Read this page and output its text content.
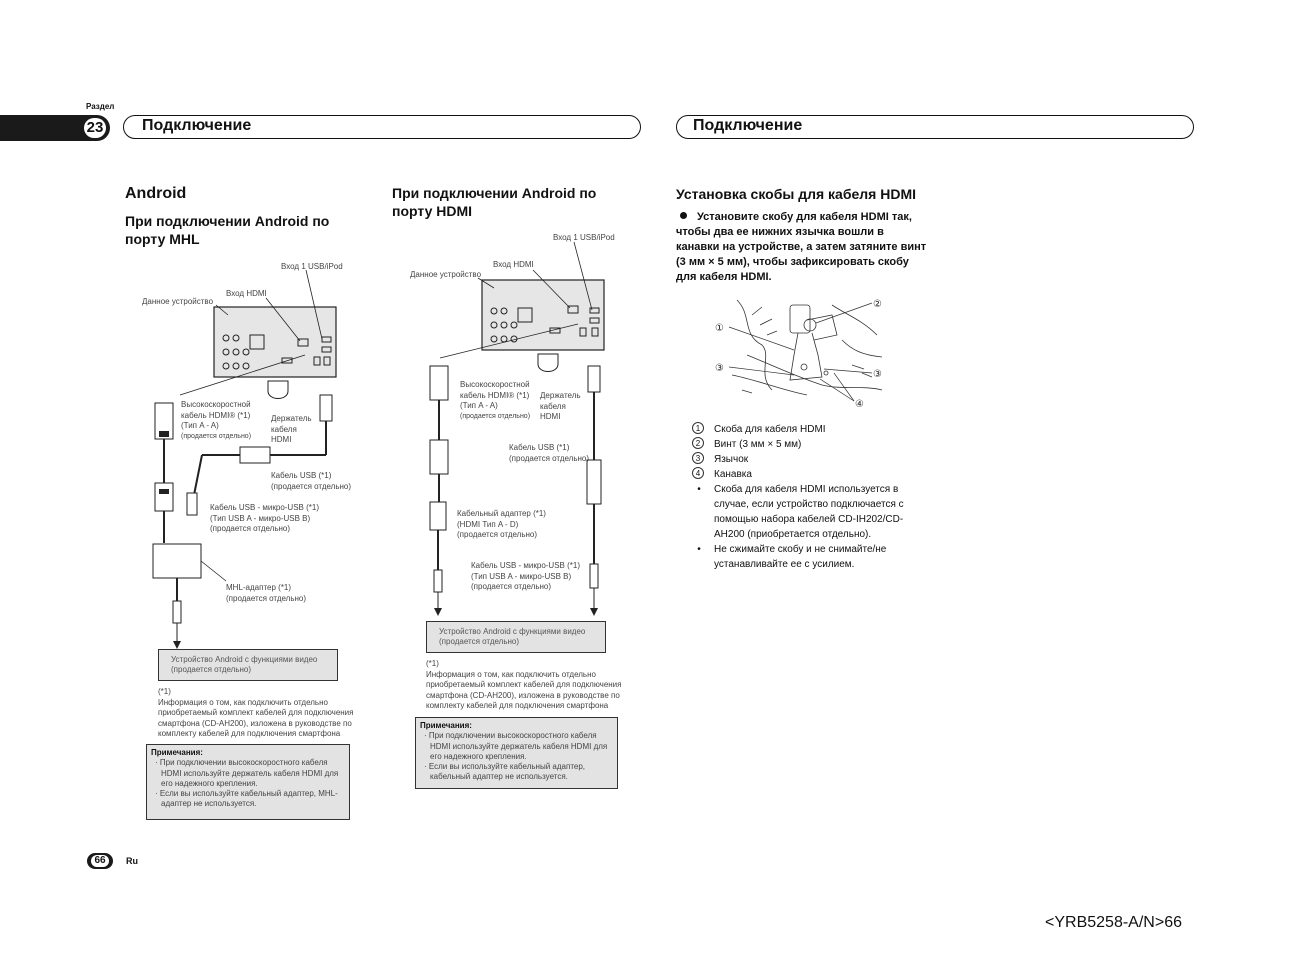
Раздел
23 Подключение	Подключение
Android
При подключении Android по порту MHL
Вход 1 USB/iPod
Вход HDMI
Данное устройство
Высокоскоростной
кабель HDMI® (*1)
(Тип A - A)
(продается отдельно)
Держатель
кабеля
HDMI
Кабель USB (*1)
(продается отдельно)
Кабель USB - микро-USB (*1)
(Тип USB A - микро-USB B)
(продается отдельно)
MHL-адаптер (*1)
(продается отдельно)
Устройство Android с функциями видео
(продается отдельно)
(*1)
Информация о том, как подключить отдельно
приобретаемый комплект кабелей для подключения
смартфона (CD-AH200), изложена в руководстве по
комплекту кабелей для подключения смартфона
Примечания:
· При подключении высокоскоростного кабеля HDMI используйте держатель кабеля HDMI для его надежного крепления.
· Если вы используйте кабельный адаптер, MHL-адаптер не используется.
При подключении Android по порту HDMI
Вход 1 USB/iPod
Вход HDMI
Данное устройство
Высокоскоростной
кабель HDMI® (*1)
(Тип A - A)
(продается отдельно)
Держатель
кабеля
HDMI
Кабель USB (*1)
(продается отдельно)
Кабельный адаптер (*1)
(HDMI Тип A - D)
(продается отдельно)
Кабель USB - микро-USB (*1)
(Тип USB A - микро-USB B)
(продается отдельно)
Устройство Android с функциями видео
(продается отдельно)
(*1)
Информация о том, как подключить отдельно
приобретаемый комплект кабелей для подключения
смартфона (CD-AH200), изложена в руководстве по
комплекту кабелей для подключения смартфона
Примечания:
· При подключении высокоскоростного кабеля HDMI используйте держатель кабеля HDMI для его надежного крепления.
· Если вы используйте кабельный адаптер, кабельный адаптер не используется.
Установка скобы для кабеля HDMI
Установите скобу для кабеля HDMI так, чтобы два ее нижних язычка вошли в канавки на устройстве, а затем затяните винт (3 мм × 5 мм), чтобы зафиксировать скобу для кабеля HDMI.
①
②
③
③
④
1	Скоба для кабеля HDMI
2	Винт (3 мм × 5 мм)
3	Язычок
4	Канавка
•	Скоба для кабеля HDMI используется в случае, если устройство подключается с помощью набора кабелей CD-IH202/CD-AH200 (приобретается отдельно).
•	Не сжимайте скобу и не снимайте/не устанавливайте ее с усилием.
66	Ru
<YRB5258-A/N>66
